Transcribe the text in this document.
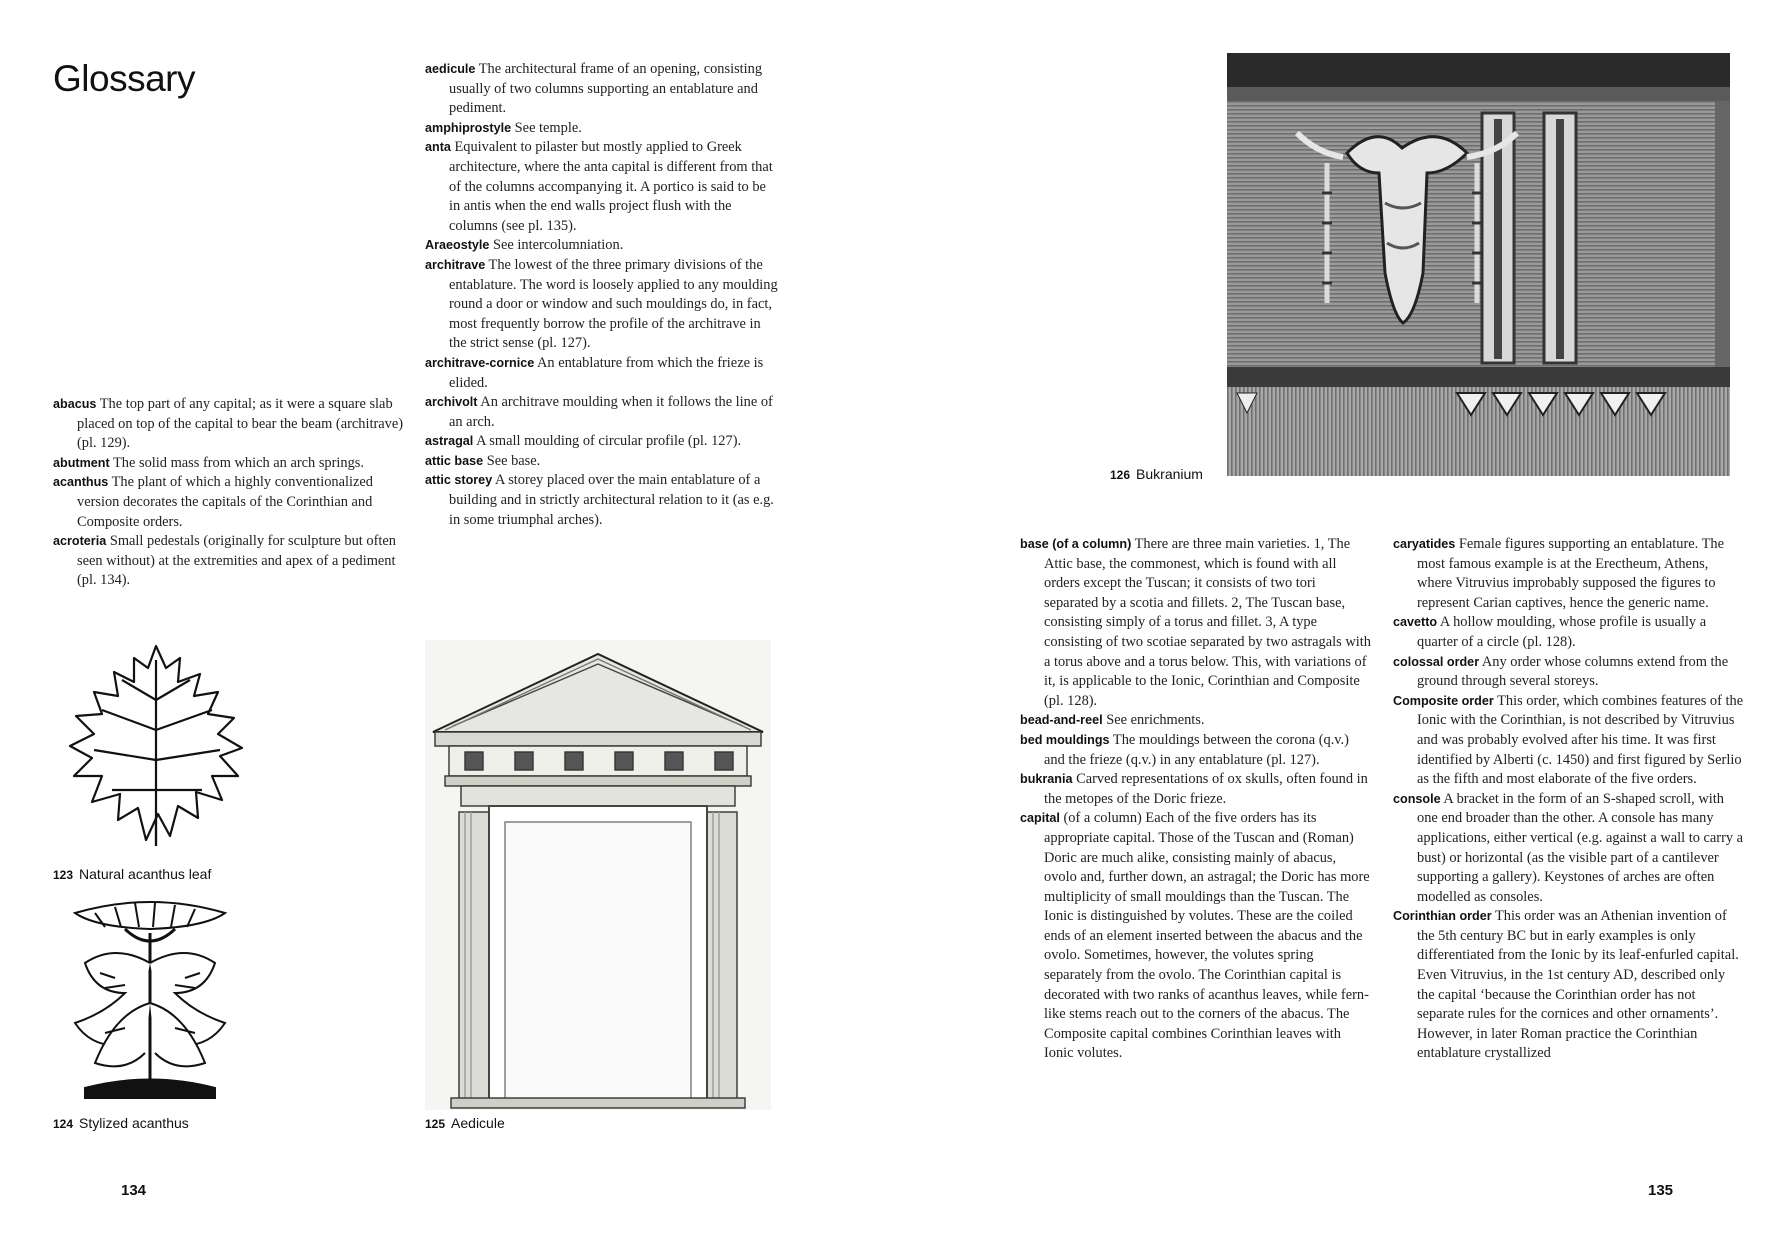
Glossary

abacus The top part of any capital; as it were a square slab placed on top of the capital to bear the beam (architrave) (pl. 129).

abutment The solid mass from which an arch springs.

acanthus The plant of which a highly conventionalized version decorates the capitals of the Corinthian and Composite orders.

acroteria Small pedestals (originally for sculpture but often seen without) at the extremities and apex of a pediment (pl. 134).

aedicule The architectural frame of an opening, consisting usually of two columns supporting an entablature and pediment.

amphiprostyle See temple.

anta Equivalent to pilaster but mostly applied to Greek architecture, where the anta capital is different from that of the columns accompanying it. A portico is said to be in antis when the end walls project flush with the columns (see pl. 135).

Araeostyle See intercolumniation.

architrave The lowest of the three primary divisions of the entablature. The word is loosely applied to any moulding round a door or window and such mouldings do, in fact, most frequently borrow the profile of the architrave in the strict sense (pl. 127).

architrave-cornice An entablature from which the frieze is elided.

archivolt An architrave moulding when it follows the line of an arch.

astragal A small moulding of circular profile (pl. 127).

attic base See base.

attic storey A storey placed over the main entablature of a building and in strictly architectural relation to it (as e.g. in some triumphal arches).

123 Natural acanthus leaf
124 Stylized acanthus	125 Aedicule
134
126 Bukranium

base (of a column) There are three main varieties. 1, The Attic base, the commonest, which is found with all orders except the Tuscan; it consists of two tori separated by a scotia and fillets. 2, The Tuscan base, consisting simply of a torus and fillet. 3, A type consisting of two scotiae separated by two astragals with a torus above and a torus below. This, with variations of it, is applicable to the Ionic, Corinthian and Composite (pl. 128).

bead-and-reel See enrichments.

bed mouldings The mouldings between the corona (q.v.) and the frieze (q.v.) in any entablature (pl. 127).

bukrania Carved representations of ox skulls, often found in the metopes of the Doric frieze.

capital (of a column) Each of the five orders has its appropriate capital. Those of the Tuscan and (Roman) Doric are much alike, consisting mainly of abacus, ovolo and, further down, an astragal; the Doric has more multiplicity of small mouldings than the Tuscan. The Ionic is distinguished by volutes. These are the coiled ends of an element inserted between the abacus and the ovolo. Sometimes, however, the volutes spring separately from the ovolo. The Corinthian capital is decorated with two ranks of acanthus leaves, while fern-like stems reach out to the corners of the abacus. The Composite capital combines Corinthian leaves with Ionic volutes.

caryatides Female figures supporting an entablature. The most famous example is at the Erectheum, Athens, where Vitruvius improbably supposed the figures to represent Carian captives, hence the generic name.

cavetto A hollow moulding, whose profile is usually a quarter of a circle (pl. 128).

colossal order Any order whose columns extend from the ground through several storeys.

Composite order This order, which combines features of the Ionic with the Corinthian, is not described by Vitruvius and was probably evolved after his time. It was first identified by Alberti (c. 1450) and first figured by Serlio as the fifth and most elaborate of the five orders.

console A bracket in the form of an S-shaped scroll, with one end broader than the other. A console has many applications, either vertical (e.g. against a wall to carry a bust) or horizontal (as the visible part of a cantilever supporting a gallery). Keystones of arches are often modelled as consoles.

Corinthian order This order was an Athenian invention of the 5th century BC but in early examples is only differentiated from the Ionic by its leaf-enfurled capital. Even Vitruvius, in the 1st century AD, described only the capital ‘because the Corinthian order has not separate rules for the cornices and other ornaments’. However, in later Roman practice the Corinthian entablature crystallized

135
